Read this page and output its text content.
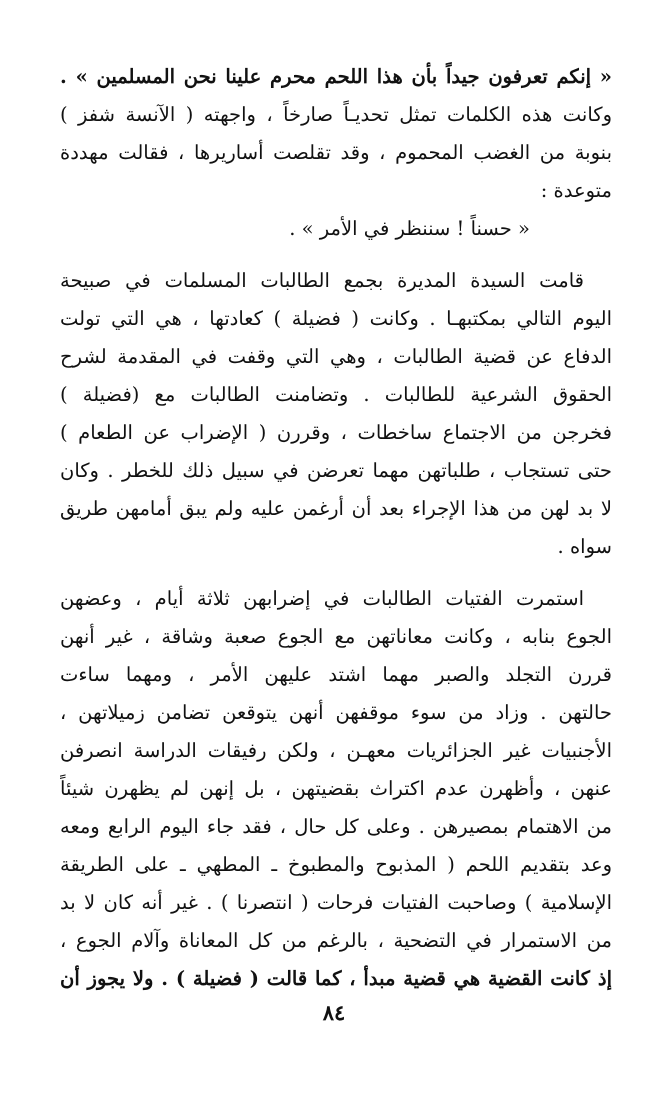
« إنكم تعرفون جيداً بأن هذا اللحم محرم علينا نحن المسلمين » .
وكانت هذه الكلمات تمثل تحديـاً صارخاً ، واجهته ( الآنسة شفز )
بنوبة من الغضب المحموم ، وقد تقلصت أساريرها ، فقالت مهددة
متوعدة :
« حسناً ! سننظر في الأمر » .
قامت السيدة المديرة بجمع الطالبات المسلمات في صبيحة
اليوم التالي بمكتبهـا . وكانت ( فضيلة ) كعادتها ، هي التي تولت
الدفاع عن قضية الطالبات ، وهي التي وقفت في المقدمة لشرح
الحقوق الشرعية للطالبات . وتضامنت الطالبات مع (فضيلة )
فخرجن من الاجتماع ساخطات ، وقررن ( الإضراب عن الطعام )
حتى تستجاب ، طلباتهن مهما تعرضن في سبيل ذلك للخطر . وكان
لا بد لهن من هذا الإجراء بعد أن أرغمن عليه ولم يبق أمامهن طريق
سواه .
استمرت الفتيات الطالبات في إضرابهن ثلاثة أيام ، وعضهن
الجوع بنابه ، وكانت معاناتهن مع الجوع صعبة وشاقة ، غير أنهن
قررن التجلد والصبر مهما اشتد عليهن الأمر ، ومهما ساءت
حالتهن . وزاد من سوء موقفهن أنهن يتوقعن تضامن زميلاتهن ،
الأجنبيات غير الجزائريات معهـن ، ولكن رفيقات الدراسة انصرفن
عنهن ، وأظهرن عدم اكتراث بقضيتهن ، بل إنهن لم يظهرن شيئاً
من الاهتمام بمصيرهن . وعلى كل حال ، فقد جاء اليوم الرابع ومعه
وعد بتقديم اللحم ( المذبوح والمطبوخ ـ المطهي ـ على الطريقة
الإسلامية ) وصاحبت الفتيات فرحات ( انتصرنا ) . غير أنه كان لا بد
من الاستمرار في التضحية ، بالرغم من كل المعاناة وآلام الجوع ،
إذ كانت القضية هي قضية مبدأ ، كما قالت ( فضيلة ) . ولا يجوز أن
٨٤
